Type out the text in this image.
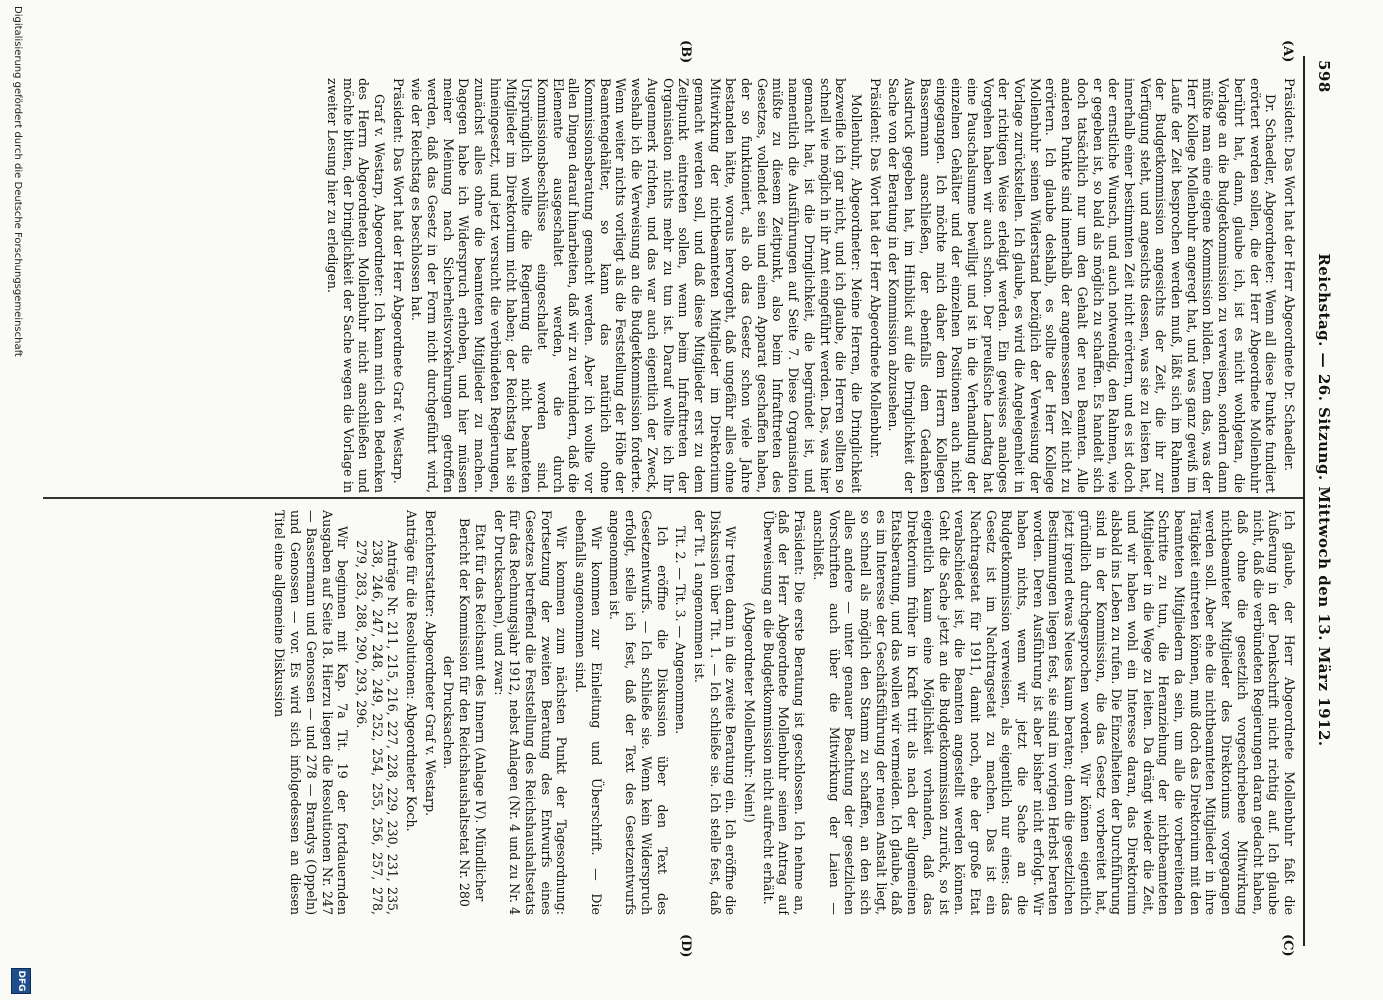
598
Reichstag. — 26. Sitzung. Mittwoch den 13. März 1912.
(A)
(B)
(C)
(D)

Präsident: Das Wort hat der Herr Abgeordnete Dr. Schaedler.

Dr. Schaedler, Abgeordneter: Wenn all diese Punkte fundiert erörtert werden sollen, die der Herr Abgeordnete Mollenbuhr berührt hat, dann, glaube ich, ist es nicht wohlgetan, die Vorlage an die Budgetkommission zu verweisen, sondern dann müßte man eine eigene Kommission bilden. Denn das, was der Herr Kollege Mollenbuhr angeregt hat, und was ganz gewiß im Laufe der Zeit besprochen werden muß, läßt sich im Rahmen der Budgetkommission angesichts der Zeit, die ihr zur Verfügung steht, und angesichts dessen, was sie zu leisten hat, innerhalb einer bestimmten Zeit nicht erörtern, und es ist doch der ernstliche Wunsch, und auch notwendig, den Rahmen, wie er gegeben ist, so bald als möglich zu schaffen. Es handelt sich doch tatsächlich nur um den Gehalt der neu Beamten. Alle anderen Punkte sind innerhalb der angemessenen Zeit nicht zu erörtern. Ich glaube deshalb, es sollte der Herr Kollege Mollenbuhr seinen Widerstand bezüglich der Verweisung der Vorlage zurückstellen. Ich glaube, es wird die Angelegenheit in der richtigen Weise erledigt werden. Ein gewisses analoges Vorgehen haben wir auch schon. Der preußische Landtag hat eine Pauschalsumme bewilligt und ist in die Verhandlung der einzelnen Gehälter und der einzelnen Positionen auch nicht eingegangen. Ich möchte mich daher dem Herrn Kollegen Bassermann anschließen, der ebenfalls dem Gedanken Ausdruck gegeben hat, im Hinblick auf die Dringlichkeit der Sache von der Beratung in der Kommission abzusehen.

Präsident: Das Wort hat der Herr Abgeordnete Mollenbuhr.

Mollenbuhr, Abgeordneter: Meine Herren, die Dringlichkeit bezweifle ich gar nicht, und ich glaube, die Herren sollten so schnell wie möglich in ihr Amt eingeführt werden. Das, was hier gemacht hat, ist die Dringlichkeit, die begründet ist, und namentlich die Ausführungen auf Seite 7. Diese Organisation müßte zu diesem Zeitpunkt, also beim Infrafttreten des Gesetzes, vollendet sein und einen Apparat geschaffen haben, der so funktioniert, als ob das Gesetz schon viele Jahre bestanden hätte, woraus hervorgeht, daß ungefähr alles ohne Mitwirkung der nichtbeamteten Mitglieder im Direktorium gemacht werden soll, und daß diese Mitglieder erst zu dem Zeitpunkt eintreten sollen, wenn beim Infrafttreten der Organisation nichts mehr zu tun ist. Darauf wollte ich Ihr Augenmerk richten, und das war auch eigentlich der Zweck, weshalb ich die Verweisung an die Budgetkommission forderte. Wenn weiter nichts vorliegt als die Feststellung der Höhe der Beamtengehälter, so kann das natürlich ohne Kommissionsberatung gemacht werden. Aber ich wollte vor allen Dingen darauf hinarbeiten, daß wir zu verhindern, daß die Elemente ausgeschaltet werden, die durch Kommissionsbeschlüsse eingeschaltet worden sind. Ursprünglich wollte die Regierung die nicht beamteten Mitglieder im Direktorium nicht haben; der Reichstag hat sie hineingesetzt, und jetzt versucht die verbündeten Regierungen, zunächst alles ohne die beamteten Mitglieder zu machen. Dagegen habe ich Widerspruch erhoben, und hier müssen meiner Meinung nach Sicherheitsvorkehrungen getroffen werden, daß das Gesetz in der Form nicht durchgeführt wird, wie der Reichstag es beschlossen hat.

Präsident: Das Wort hat der Herr Abgeordnete Graf v. Westarp.

Graf v. Westarp, Abgeordneter: Ich kann mich den Bedenken des Herrn Abgeordneten Mollenbuhr nicht anschließen und möchte bitten, der Dringlichkeit der Sache wegen die Vorlage in zweiter Lesung hier zu erledigen.

Ich glaube, der Herr Abgeordnete Mollenbuhr faßt die Äußerung in der Denkschrift nicht richtig auf. Ich glaube nicht, daß die verbündeten Regierungen daran gedacht haben, daß ohne die gesetzlich vorgeschriebene Mitwirkung nichtbeamteter Mitglieder des Direktoriums vorgegangen werden soll. Aber ehe die nichtbeamteten Mitglieder in ihre Tätigkeit eintreten können, muß doch das Direktorium mit den beamteten Mitgliedern da sein, um alle die vorbereitenden Schritte zu tun, die Heranziehung der nichtbeamteten Mitglieder in die Wege zu leiten. Da drängt wieder die Zeit, und wir haben wohl ein Interesse daran, das Direktorium alsbald ins Leben zu rufen. Die Einzelheiten der Durchführung sind in der Kommission, die das Gesetz vorbereitet hat, gründlich durchgesprochen worden. Wir können eigentlich jetzt irgend etwas Neues kaum beraten; denn die gesetzlichen Bestimmungen liegen fest, sie sind im vorigen Herbst beraten worden. Deren Ausführung ist aber bisher nicht erfolgt. Wir haben nichts, wenn wir jetzt die Sache an die Budgetkommission verweisen, als eigentlich nur eines: das Gesetz ist im Nachtragsetat zu machen. Das ist ein Nachtragsetat für 1911, damit noch, ehe der große Etat verabschiedet ist, die Beamten angestellt werden können. Geht die Sache jetzt an die Budgetkommission zurück, so ist eigentlich kaum eine Möglichkeit vorhanden, daß das Direktorium früher in Kraft tritt als nach der allgemeinen Etatsberatung, und das wollen wir vermeiden. Ich glaube, daß es im Interesse der Geschäftsführung der neuen Anstalt liegt, so schnell als möglich den Stamm zu schaffen, an den sich alles andere — unter genauer Beachtung der gesetzlichen Vorschriften auch über die Mitwirkung der Laien — anschließt.

Präsident: Die erste Beratung ist geschlossen. Ich nehme an, daß der Herr Abgeordnete Mollenbuhr seinen Antrag auf Überweisung an die Budgetkommission nicht aufrecht erhält.

(Abgeordneter Mollenbuhr: Nein!)

Wir treten dann in die zweite Beratung ein. Ich eröffne die Diskussion über Tit. 1. — Ich schließe sie. Ich stelle fest, daß der Tit. 1 angenommen ist.

Tit. 2. — Tit. 3. — Angenommen.

Ich eröffne die Diskussion über den Text des Gesetzentwurfs. — Ich schließe sie. Wenn kein Widerspruch erfolgt, stelle ich fest, daß der Text des Gesetzentwurfs angenommen ist.

Wir kommen zur Einleitung und Überschrift. — Die ebenfalls angenommen sind.

Wir kommen zum nächsten Punkt der Tagesordnung: Fortsetzung der zweiten Beratung des Entwurfs eines Gesetzes betreffend die Feststellung des Reichshaushaltsetats für das Rechnungsjahr 1912, nebst Anlagen (Nr. 4 und zu Nr. 4 der Drucksachen), und zwar:

Etat für das Reichsamt des Innern (Anlage IV). Mündlicher Bericht der Kommission für den Reichshaushaltsetat Nr. 280 der Drucksachen.

Berichterstatter: Abgeordneter Graf v. Westarp.

Anträge für die Resolutionen: Abgeordneter Koch.

Anträge Nr. 211, 215, 216, 227, 228, 229, 230, 231, 235, 238, 246, 247, 248, 249, 252, 254, 255, 256, 257, 278, 279, 283, 288, 290, 293, 296.

Wir beginnen mit Kap. 7a Tit. 19 der fortdauernden Ausgaben auf Seite 18. Hierzu liegen die Resolutionen Nr. 247 — Bassermann und Genossen — und 278 — Brandys (Oppeln) und Genossen — vor. Es wird sich infolgedessen an diesen Titel eine allgemeine Diskussion

Digitalisierung gefördert durch die Deutsche Forschungsgemeinschaft
DFG
